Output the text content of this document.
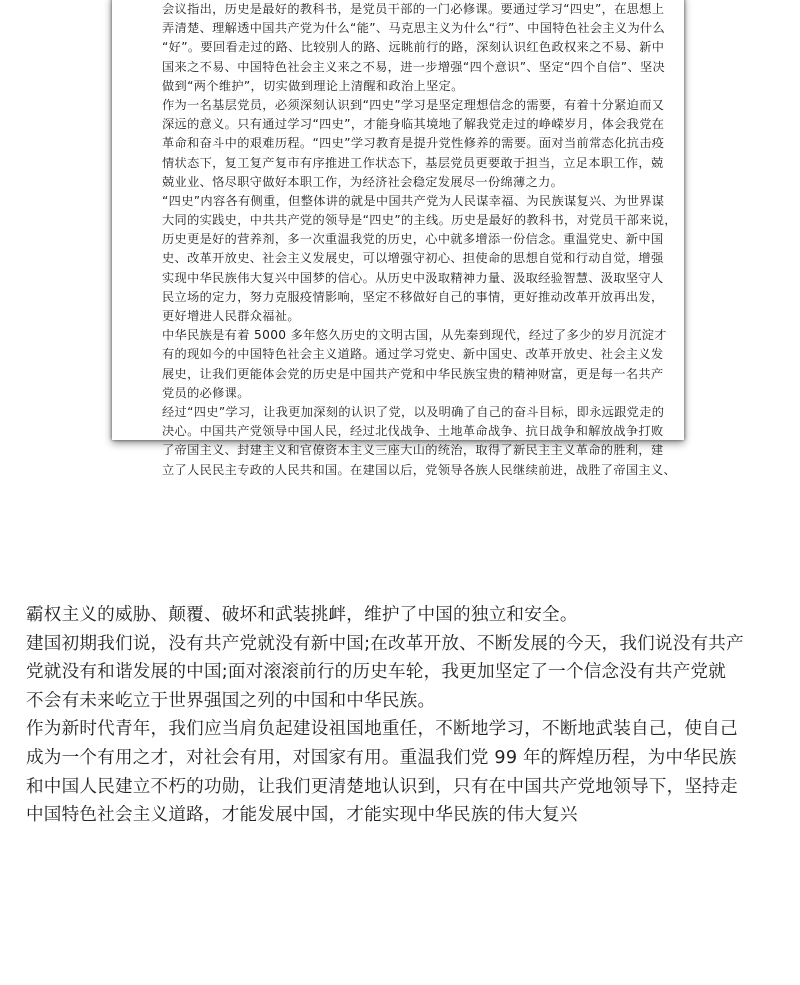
会议指出，历史是最好的教科书，是党员干部的一门必修课。要通过学习“四史”，在思想上
弄清楚、理解透中国共产党为什么“能”、马克思主义为什么“行”、中国特色社会主义为什么
“好”。要回看走过的路、比较别人的路、远眺前行的路，深刻认识红色政权来之不易、新中
国来之不易、中国特色社会主义来之不易，进一步增强“四个意识”、坚定“四个自信”、坚决
做到“两个维护”，切实做到理论上清醒和政治上坚定。
作为一名基层党员，必须深刻认识到“四史”学习是坚定理想信念的需要，有着十分紧迫而又
深远的意义。只有通过学习“四史”，才能身临其境地了解我党走过的峥嵘岁月，体会我党在
革命和奋斗中的艰难历程。“四史”学习教育是提升党性修养的需要。面对当前常态化抗击疫
情状态下，复工复产复市有序推进工作状态下，基层党员更要敢于担当，立足本职工作，兢
兢业业、恪尽职守做好本职工作，为经济社会稳定发展尽一份绵薄之力。
“四史”内容各有侧重，但整体讲的就是中国共产党为人民谋幸福、为民族谋复兴、为世界谋
大同的实践史，中共共产党的领导是“四史”的主线。历史是最好的教科书，对党员干部来说，
历史更是好的营养剂，多一次重温我党的历史，心中就多增添一份信念。重温党史、新中国
史、改革开放史、社会主义发展史，可以增强守初心、担使命的思想自觉和行动自觉，增强
实现中华民族伟大复兴中国梦的信心。从历史中汲取精神力量、汲取经验智慧、汲取坚守人
民立场的定力，努力克服疫情影响，坚定不移做好自己的事情，更好推动改革开放再出发，
更好增进人民群众福祉。
中华民族是有着 5000 多年悠久历史的文明古国，从先秦到现代，经过了多少的岁月沉淀才
有的现如今的中国特色社会主义道路。通过学习党史、新中国史、改革开放史、社会主义发
展史，让我们更能体会党的历史是中国共产党和中华民族宝贵的精神财富，更是每一名共产
党员的必修课。
经过“四史”学习，让我更加深刻的认识了党，以及明确了自己的奋斗目标，即永远跟党走的
决心。中国共产党领导中国人民，经过北伐战争、土地革命战争、抗日战争和解放战争打败
了帝国主义、封建主义和官僚资本主义三座大山的统治，取得了新民主主义革命的胜利，建
立了人民民主专政的人民共和国。在建国以后，党领导各族人民继续前进，战胜了帝国主义、
霸权主义的威胁、颠覆、破坏和武装挑衅，维护了中国的独立和安全。
建国初期我们说，没有共产党就没有新中国;在改革开放、不断发展的今天，我们说没有共产
党就没有和谐发展的中国;面对滚滚前行的历史车轮，我更加坚定了一个信念没有共产党就
不会有未来屹立于世界强国之列的中国和中华民族。
作为新时代青年，我们应当肩负起建设祖国地重任，不断地学习，不断地武装自己，使自己
成为一个有用之才，对社会有用，对国家有用。重温我们党 99 年的辉煌历程，为中华民族
和中国人民建立不朽的功勋，让我们更清楚地认识到，只有在中国共产党地领导下，坚持走
中国特色社会主义道路，才能发展中国，才能实现中华民族的伟大复兴
